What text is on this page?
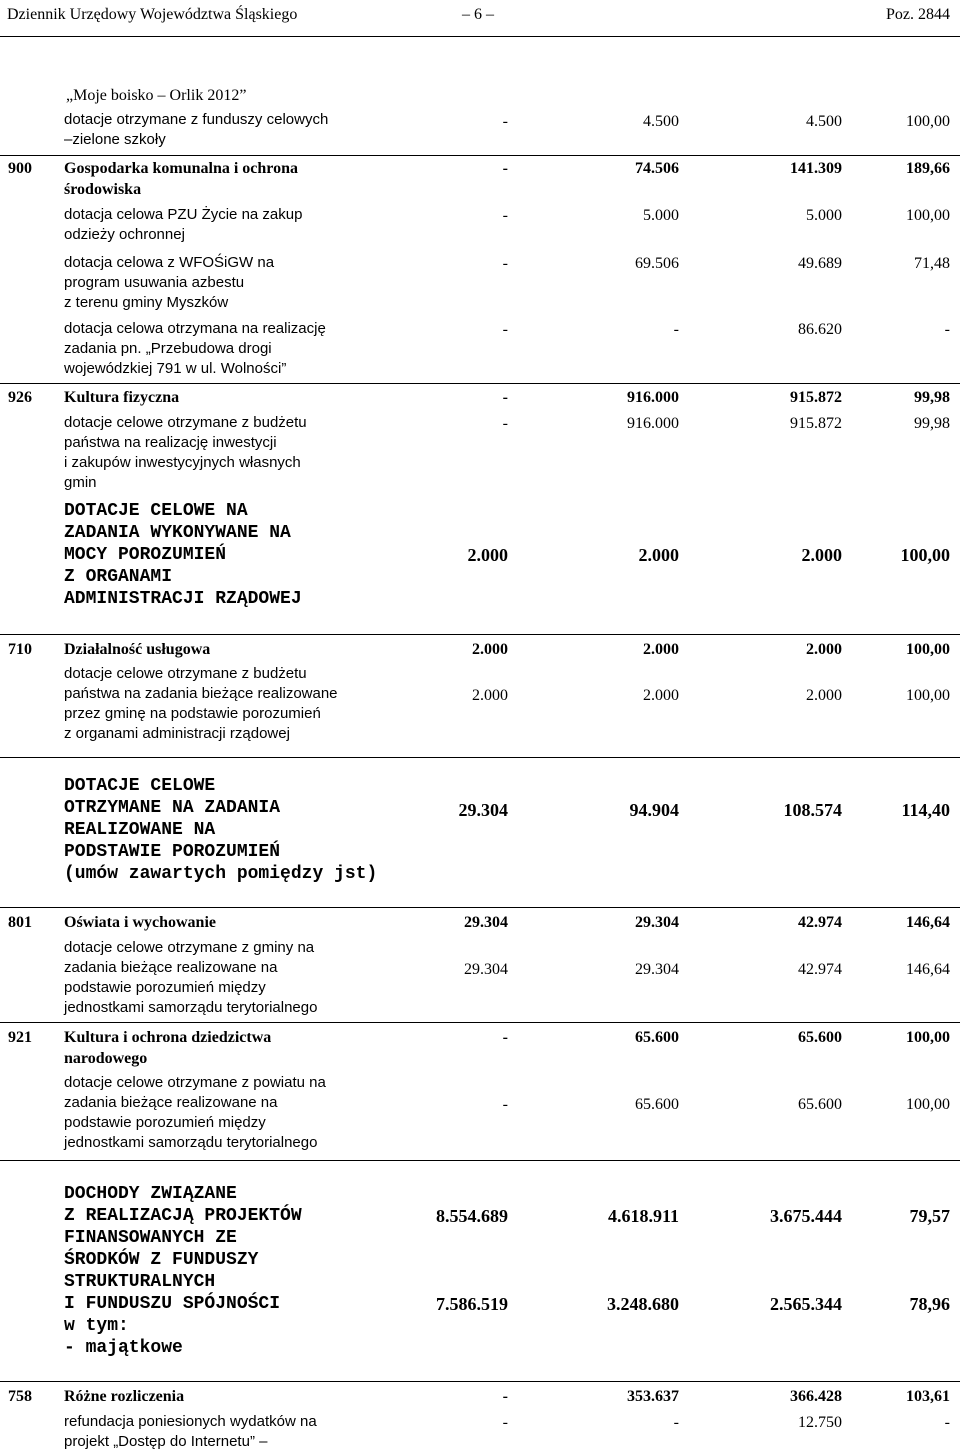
Dziennik Urzędowy Województwa Śląskiego	– 6 –	Poz. 2844
„Moje boisko – Orlik 2012”
dotacje otrzymane z funduszy celowych
–zielone szkoły
-	4.500	4.500	100,00
900 Gospodarka komunalna i ochrona
środowiska
-	74.506	141.309	189,66
dotacja celowa PZU Życie na zakup
odzieży ochronnej
-	5.000	5.000	100,00
dotacja celowa z WFOŚiGW na
program usuwania azbestu
z terenu gminy Myszków
-	69.506	49.689	71,48
dotacja celowa otrzymana na realizację
zadania pn. „Przebudowa drogi
wojewódzkiej 791 w ul. Wolności”
-	-	86.620	-
926 Kultura fizyczna	-	916.000	915.872	99,98
dotacje celowe otrzymane z budżetu
państwa na realizację inwestycji
i zakupów inwestycyjnych własnych
gmin
-	916.000	915.872	99,98
DOTACJE CELOWE NA
ZADANIA WYKONYWANE NA
MOCY POROZUMIEŃ
Z ORGANAMI
ADMINISTRACJI RZĄDOWEJ
2.000	2.000	2.000	100,00
710 Działalność usługowa	2.000	2.000	2.000	100,00
dotacje celowe otrzymane z budżetu
państwa na zadania bieżące realizowane
przez gminę na podstawie porozumień
z organami administracji rządowej
2.000	2.000	2.000	100,00
DOTACJE CELOWE
OTRZYMANE NA ZADANIA
REALIZOWANE NA
PODSTAWIE POROZUMIEŃ
(umów zawartych pomiędzy jst)
29.304	94.904	108.574	114,40
801 Oświata i wychowanie	29.304	29.304	42.974	146,64
dotacje celowe otrzymane z gminy na
zadania bieżące realizowane na
podstawie porozumień między
jednostkami samorządu terytorialnego
29.304	29.304	42.974	146,64
921 Kultura i ochrona dziedzictwa
narodowego
-	65.600	65.600	100,00
dotacje celowe otrzymane z powiatu na
zadania bieżące realizowane na
podstawie porozumień między
jednostkami samorządu terytorialnego
-	65.600	65.600	100,00
DOCHODY ZWIĄZANE
Z REALIZACJĄ PROJEKTÓW
FINANSOWANYCH ZE
ŚRODKÓW Z FUNDUSZY
STRUKTURALNYCH
I FUNDUSZU SPÓJNOŚCI
w tym:
- majątkowe
8.554.689	4.618.911	3.675.444	79,57
7.586.519	3.248.680	2.565.344	78,96
758 Różne rozliczenia	-	353.637	366.428	103,61
refundacja poniesionych wydatków na
projekt „Dostęp do Internetu” –
-	-	12.750	-
